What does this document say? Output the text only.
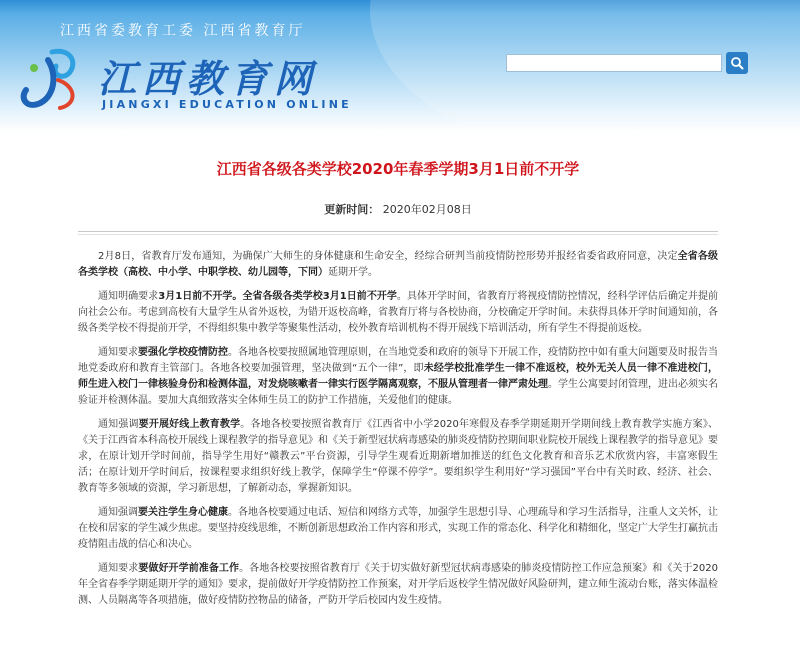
江西省委教育工委 江西省教育厅
江西教育网
JIANGXI EDUCATION ONLINE
江西省各级各类学校2020年春季学期3月1日前不开学
更新时间： 2020年02月08日

2月8日，省教育厅发布通知，为确保广大师生的身体健康和生命安全，经综合研判当前疫情防控形势并报经省委省政府同意，决定全省各级各类学校（高校、中小学、中职学校、幼儿园等，下同）延期开学。

通知明确要求3月1日前不开学。全省各级各类学校3月1日前不开学。具体开学时间，省教育厅将视疫情防控情况，经科学评估后确定并提前向社会公布。考虑到高校有大量学生从省外返校，为错开返校高峰，省教育厅将与各校协商，分校确定开学时间。未获得具体开学时间通知前，各级各类学校不得提前开学，不得组织集中教学等聚集性活动，校外教育培训机构不得开展线下培训活动，所有学生不得提前返校。

通知要求要强化学校疫情防控。各地各校要按照属地管理原则，在当地党委和政府的领导下开展工作，疫情防控中如有重大问题要及时报告当地党委政府和教育主管部门。各地各校要加强管理，坚决做到“五个一律”，即未经学校批准学生一律不准返校，校外无关人员一律不准进校门，师生进入校门一律核验身份和检测体温，对发烧咳嗽者一律实行医学隔离观察，不服从管理者一律严肃处理。学生公寓要封闭管理，进出必须实名验证并检测体温。要加大真细致落实全体师生员工的防护工作措施，关爱他们的健康。

通知强调要开展好线上教育教学。各地各校要按照省教育厅《江西省中小学2020年寒假及春季学期延期开学期间线上教育教学实施方案》、《关于江西省本科高校开展线上课程教学的指导意见》和《关于新型冠状病毒感染的肺炎疫情防控期间职业院校开展线上课程教学的指导意见》要求，在原计划开学时间前，指导学生用好“赣教云”平台资源，引导学生观看近期新增加推送的红色文化教育和音乐艺术欣赏内容，丰富寒假生活；在原计划开学时间后，按课程要求组织好线上教学，保障学生“停课不停学”。要组织学生利用好“学习强国”平台中有关时政、经济、社会、教育等多领域的资源，学习新思想，了解新动态，掌握新知识。

通知强调要关注学生身心健康。各地各校要通过电话、短信和网络方式等，加强学生思想引导、心理疏导和学习生活指导，注重人文关怀，让在校和居家的学生减少焦虑。要坚持疫线思维，不断创新思想政治工作内容和形式，实现工作的常态化、科学化和精细化，坚定广大学生打赢抗击疫情阻击战的信心和决心。

通知要求要做好开学前准备工作。各地各校要按照省教育厅《关于切实做好新型冠状病毒感染的肺炎疫情防控工作应急预案》和《关于2020年全省春季学期延期开学的通知》要求，提前做好开学疫情防控工作预案，对开学后返校学生情况做好风险研判，建立师生流动台账，落实体温检测、人员隔离等各项措施，做好疫情防控物品的储备，严防开学后校园内发生疫情。
